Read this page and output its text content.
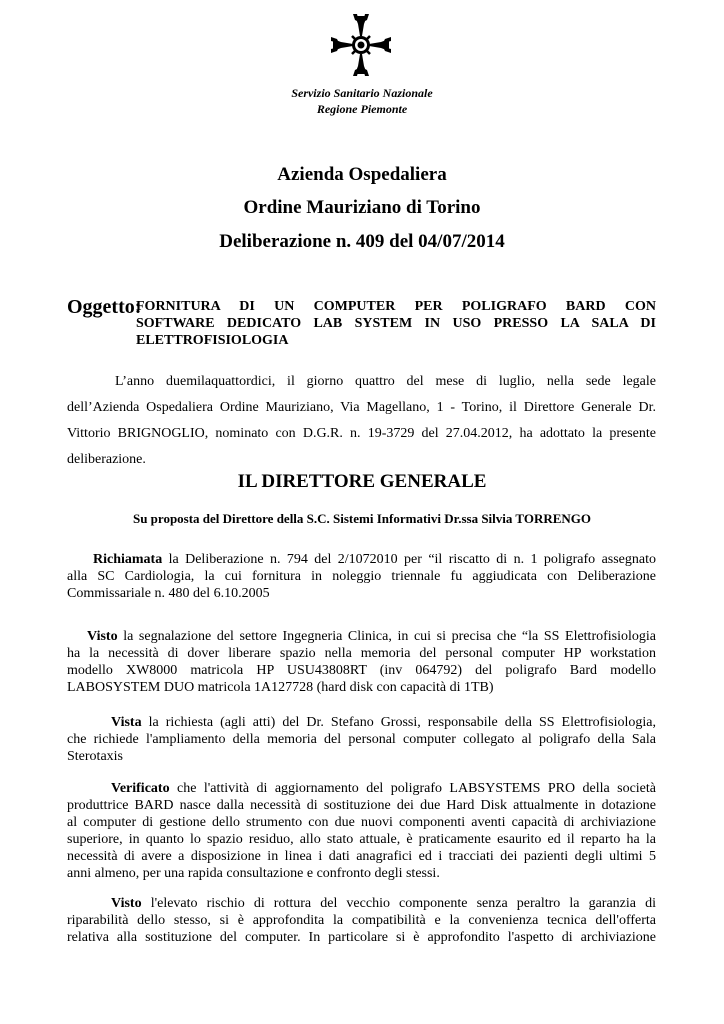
Servizio Sanitario Nazionale
Regione Piemonte
Azienda Ospedaliera
Ordine Mauriziano di Torino
Deliberazione n. 409 del 04/07/2014
Oggetto:
FORNITURA DI UN COMPUTER PER POLIGRAFO BARD CON
SOFTWARE DEDICATO LAB SYSTEM IN USO PRESSO LA SALA DI
ELETTROFISIOLOGIA
L’anno duemilaquattordici, il giorno quattro del mese di luglio, nella sede legale
dell’Azienda Ospedaliera Ordine Mauriziano, Via Magellano, 1 - Torino, il Direttore Generale Dr.
Vittorio BRIGNOGLIO, nominato con D.G.R. n. 19-3729 del 27.04.2012, ha adottato la presente
deliberazione.
IL DIRETTORE GENERALE
Su proposta del Direttore della S.C. Sistemi Informativi Dr.ssa Silvia TORRENGO
Richiamata la Deliberazione n. 794 del 2/1072010 per “il riscatto di n. 1 poligrafo assegnato
alla SC Cardiologia, la cui fornitura in noleggio triennale fu aggiudicata con Deliberazione
Commissariale n. 480 del 6.10.2005
Visto la segnalazione del settore Ingegneria Clinica, in cui si precisa che “la SS Elettrofisiologia
ha la necessità di dover liberare spazio nella memoria del personal computer HP workstation
modello XW8000 matricola HP USU43808RT (inv 064792) del poligrafo Bard modello
LABOSYSTEM DUO matricola 1A127728 (hard disk con capacità di 1TB)
Vista la richiesta (agli atti) del Dr. Stefano Grossi, responsabile della SS Elettrofisiologia,
che richiede l'ampliamento della memoria del personal computer collegato al poligrafo della Sala
Sterotaxis
Verificato che l'attività di aggiornamento del poligrafo LABSYSTEMS PRO della società
produttrice BARD nasce dalla necessità di sostituzione dei due Hard Disk attualmente in dotazione
al computer di gestione dello strumento con due nuovi componenti aventi capacità di archiviazione
superiore, in quanto lo spazio residuo, allo stato attuale, è praticamente esaurito ed il reparto ha la
necessità di avere a disposizione in linea i dati anagrafici ed i tracciati dei pazienti degli ultimi 5
anni almeno, per una rapida consultazione e confronto degli stessi.
Visto l'elevato rischio di rottura del vecchio componente senza peraltro la garanzia di
riparabilità dello stesso, si è approfondita la compatibilità e la convenienza tecnica dell'offerta
relativa alla sostituzione del computer. In particolare si è approfondito l'aspetto di archiviazione
